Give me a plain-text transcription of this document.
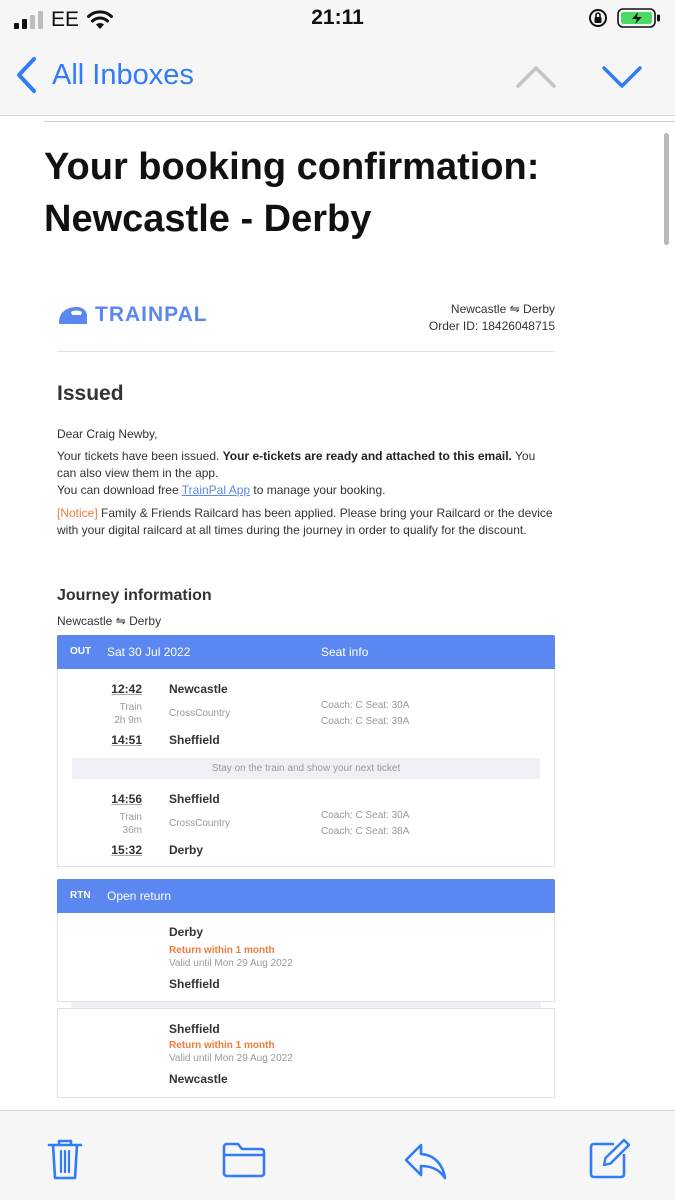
EE	21:11
All Inboxes
Your booking confirmation: Newcastle - Derby
TRAINPAL	Newcastle ⇋ Derby
Order ID: 18426048715
Issued

Dear Craig Newby,

Your tickets have been issued. Your e-tickets are ready and attached to this email. You can also view them in the app.

You can download free TrainPal App to manage your booking.

[Notice] Family & Friends Railcard has been applied. Please bring your Railcard or the device with your digital railcard at all times during the journey in order to qualify for the discount.

Journey information
Newcastle ⇋ Derby
OUT Sat 30 Jul 2022	Seat info
12:42 Newcastle
Train
2h 9m
CrossCountry
Coach: C Seat: 30A
Coach: C Seat: 39A
14:51 Sheffield
Stay on the train and show your next ticket
14:56 Sheffield
Train
36m
CrossCountry
Coach: C Seat: 30A
Coach: C Seat: 38A
15:32 Derby
RTN Open return
Derby
Return within 1 month
Valid until Mon 29 Aug 2022
Sheffield
Sheffield
Return within 1 month
Valid until Mon 29 Aug 2022
Newcastle
